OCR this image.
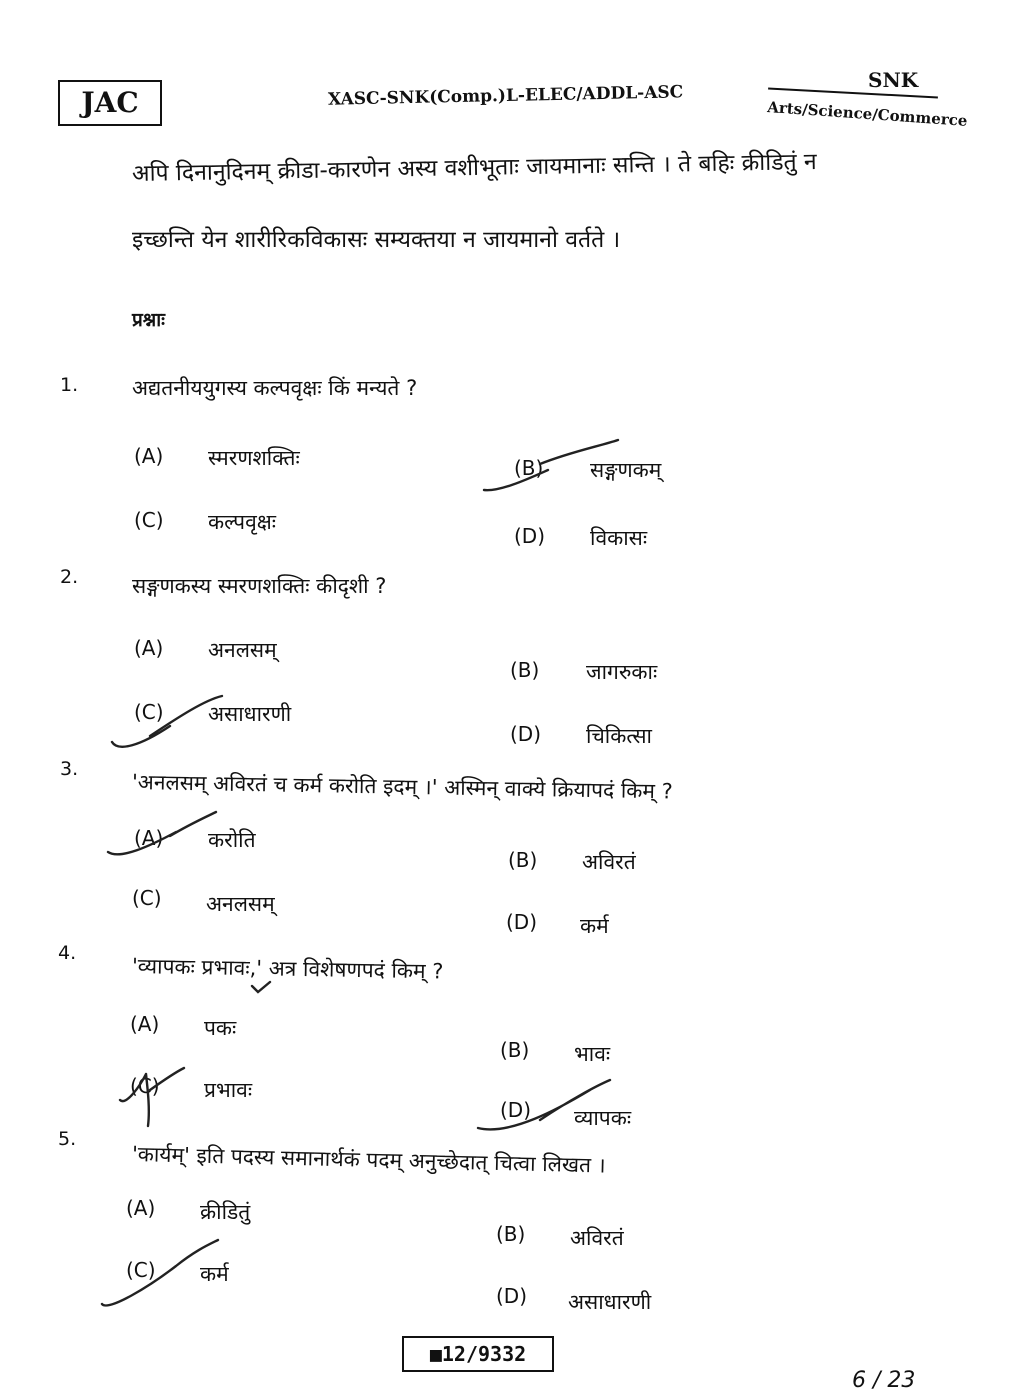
JAC	XASC-SNK(Comp.)L-ELEC/ADDL-ASC
SNK
Arts/Science/Commerce
अपि दिनानुदिनम् क्रीडा-कारणेन अस्य वशीभूताः जायमानाः सन्ति । ते बहिः क्रीडितुं न
इच्छन्ति येन शारीरिकविकासः सम्यक्तया न जायमानो वर्तते ।
प्रश्नाः
1.	अद्यतनीययुगस्य कल्पवृक्षः किं मन्यते ?
(A) स्मरणशक्तिः	(B) सङ्गणकम्
(C) कल्पवृक्षः
(D) विकासः
2.	सङ्गणकस्य स्मरणशक्तिः कीदृशी ?
(A) अनलसम्
(B) जागरुकाः
(C) असाधारणी
(D) चिकित्सा
3.
'अनलसम् अविरतं च कर्म करोति इदम् ।' अस्मिन् वाक्ये क्रियापदं किम् ?
(A) करोति
(B) अविरतं
(C) अनलसम्
(D) कर्म
4.
'व्यापकः प्रभावः,' अत्र विशेषणपदं किम् ?
(A) पकः
(B) भावः
(C) प्रभावः
(D) व्यापकः
5.
'कार्यम्' इति पदस्य समानार्थकं पदम् अनुच्छेदात् चित्वा लिखत ।
(A) क्रीडितुं
(B) अविरतं
(C) कर्म
(D) असाधारणी
■12/9332
6 / 23
